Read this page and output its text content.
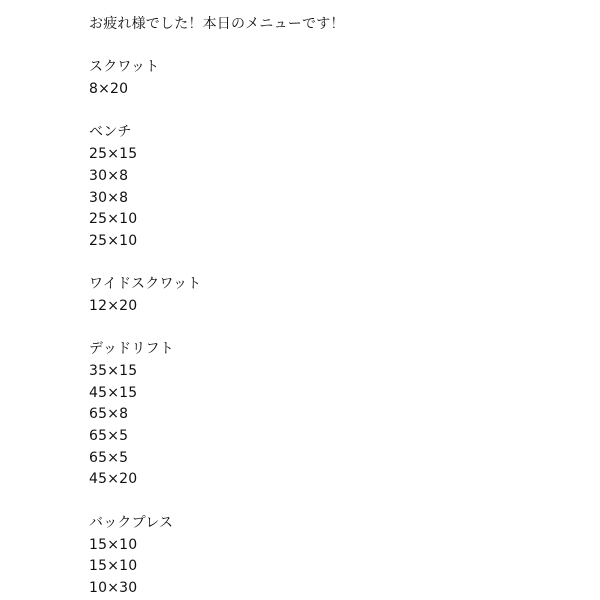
お疲れ様でした！本日のメニューです！
スクワット
8×20
ベンチ
25×15
30×8
30×8
25×10
25×10
ワイドスクワット
12×20
デッドリフト
35×15
45×15
65×8
65×5
65×5
45×20
バックプレス
15×10
15×10
10×30
